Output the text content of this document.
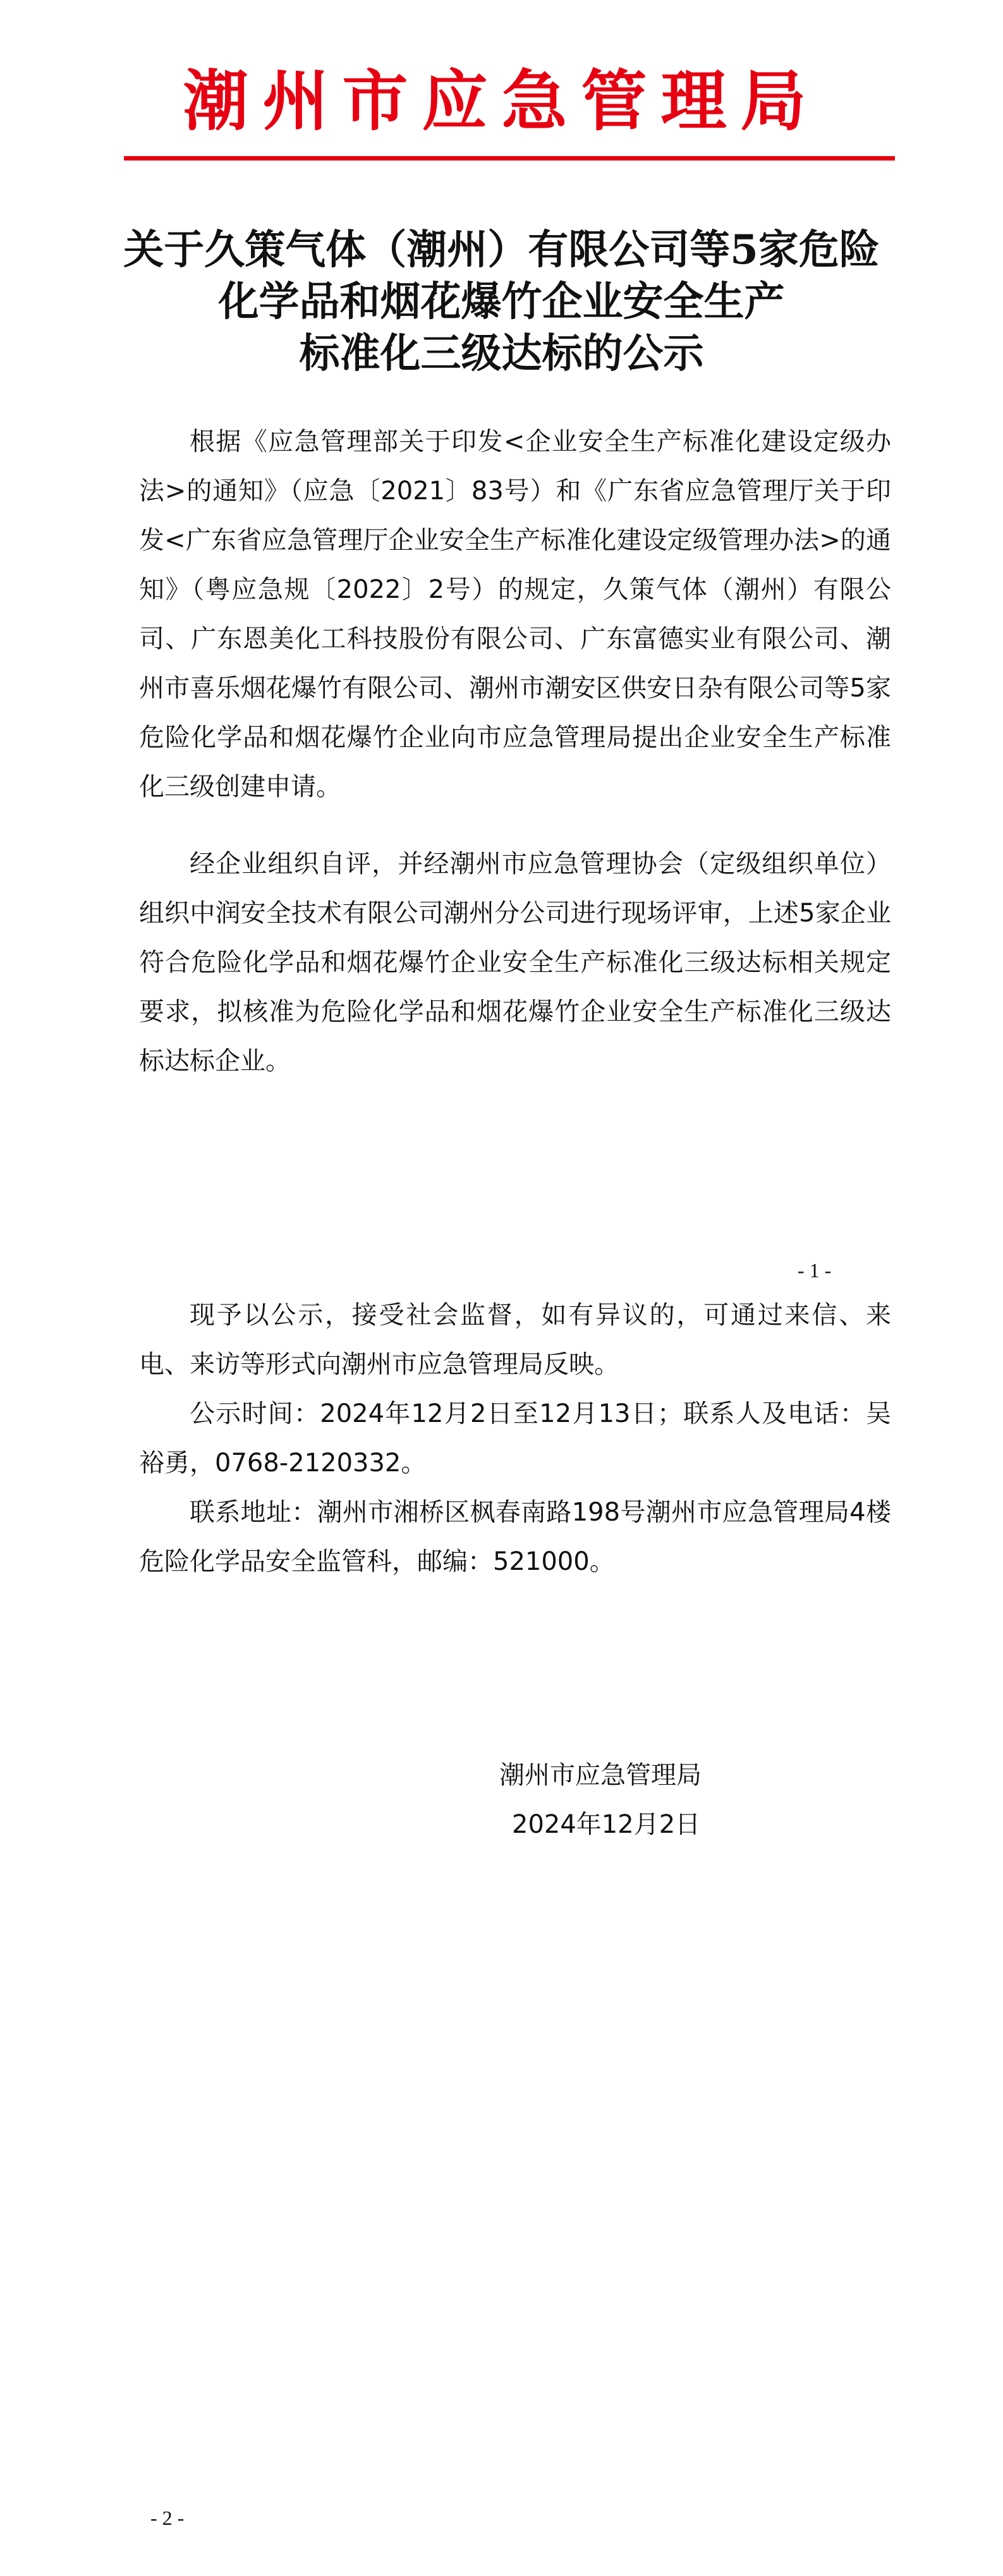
潮州市应急管理局
关于久策气体（潮州）有限公司等5家危险
化学品和烟花爆竹企业安全生产
标准化三级达标的公示

根据《应急管理部关于印发<企业安全生产标准化建设定级办法>的通知》（应急〔2021〕83号）和《广东省应急管理厅关于印发<广东省应急管理厅企业安全生产标准化建设定级管理办法>的通知》（粤应急规〔2022〕2号）的规定，久策气体（潮州）有限公司、广东恩美化工科技股份有限公司、广东富德实业有限公司、潮州市喜乐烟花爆竹有限公司、潮州市潮安区供安日杂有限公司等5家危险化学品和烟花爆竹企业向市应急管理局提出企业安全生产标准化三级创建申请。

经企业组织自评，并经潮州市应急管理协会（定级组织单位）组织中润安全技术有限公司潮州分公司进行现场评审，上述5家企业符合危险化学品和烟花爆竹企业安全生产标准化三级达标相关规定要求，拟核准为危险化学品和烟花爆竹企业安全生产标准化三级达标达标企业。

- 1 -

现予以公示，接受社会监督，如有异议的，可通过来信、来电、来访等形式向潮州市应急管理局反映。

公示时间：2024年12月2日至12月13日；联系人及电话：吴裕勇，0768-2120332。

联系地址：潮州市湘桥区枫春南路198号潮州市应急管理局4楼危险化学品安全监管科，邮编：521000。

潮州市应急管理局
2024年12月2日
- 2 -
